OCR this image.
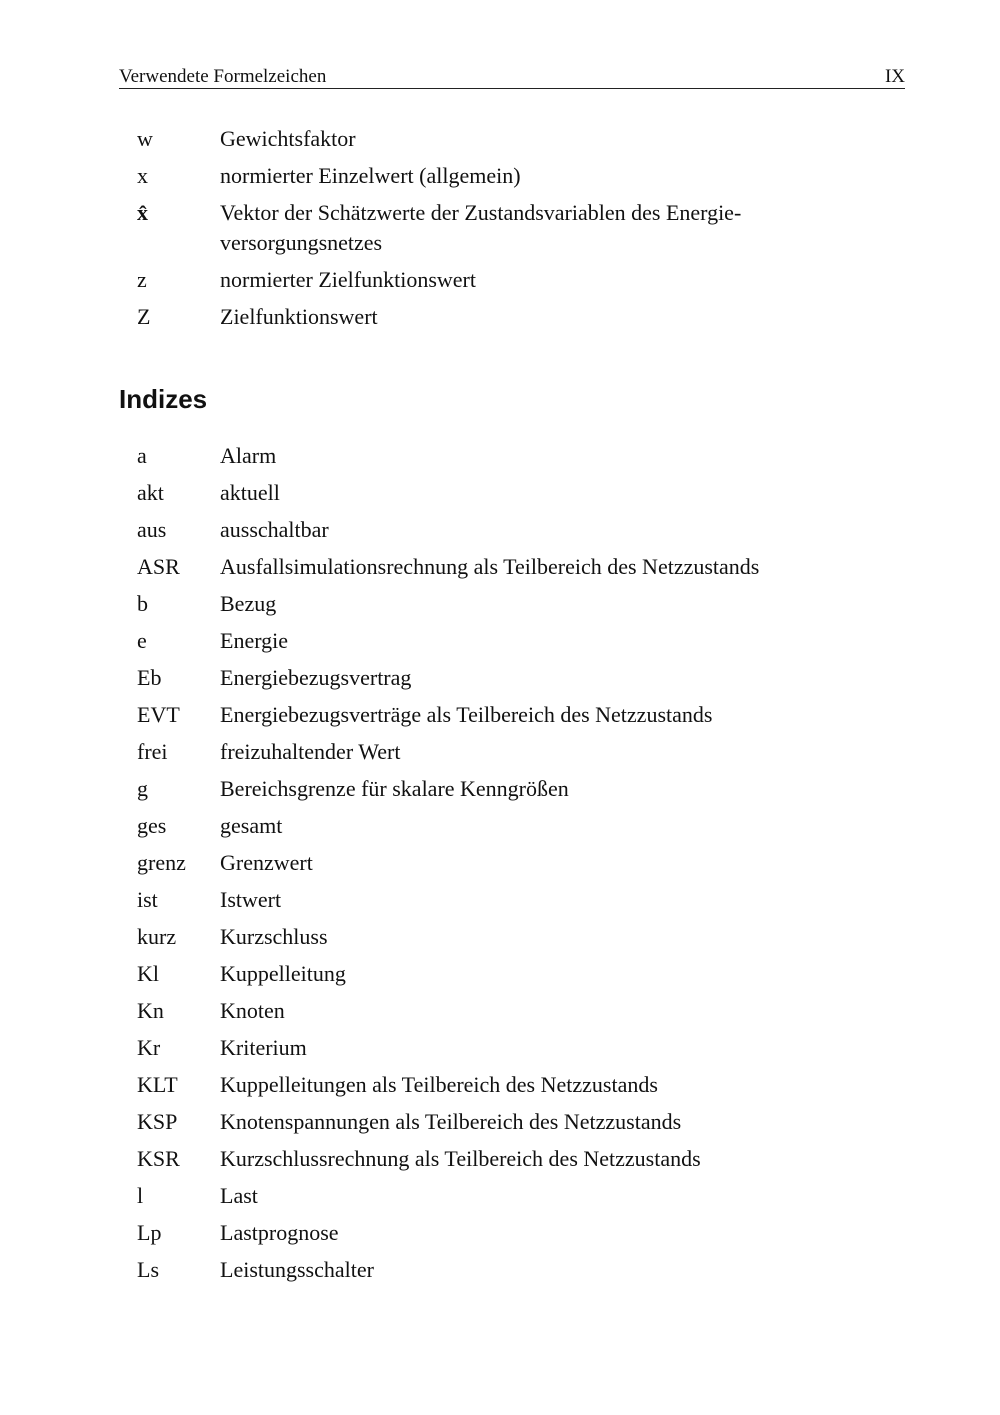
Verwendete Formelzeichen	IX
w	Gewichtsfaktor
x	normierter Einzelwert (allgemein)
x̂	Vektor der Schätzwerte der Zustandsvariablen des Energie-
versorgungsnetzes
z	normierter Zielfunktionswert
Z	Zielfunktionswert
Indizes
a	Alarm
akt	aktuell
aus	ausschaltbar
ASR	Ausfallsimulationsrechnung als Teilbereich des Netzzustands
b	Bezug
e	Energie
Eb	Energiebezugsvertrag
EVT	Energiebezugsverträge als Teilbereich des Netzzustands
frei	freizuhaltender Wert
g	Bereichsgrenze für skalare Kenngrößen
ges	gesamt
grenz	Grenzwert
ist	Istwert
kurz	Kurzschluss
Kl	Kuppelleitung
Kn	Knoten
Kr	Kriterium
KLT	Kuppelleitungen als Teilbereich des Netzzustands
KSP	Knotenspannungen als Teilbereich des Netzzustands
KSR	Kurzschlussrechnung als Teilbereich des Netzzustands
l	Last
Lp	Lastprognose
Ls	Leistungsschalter
